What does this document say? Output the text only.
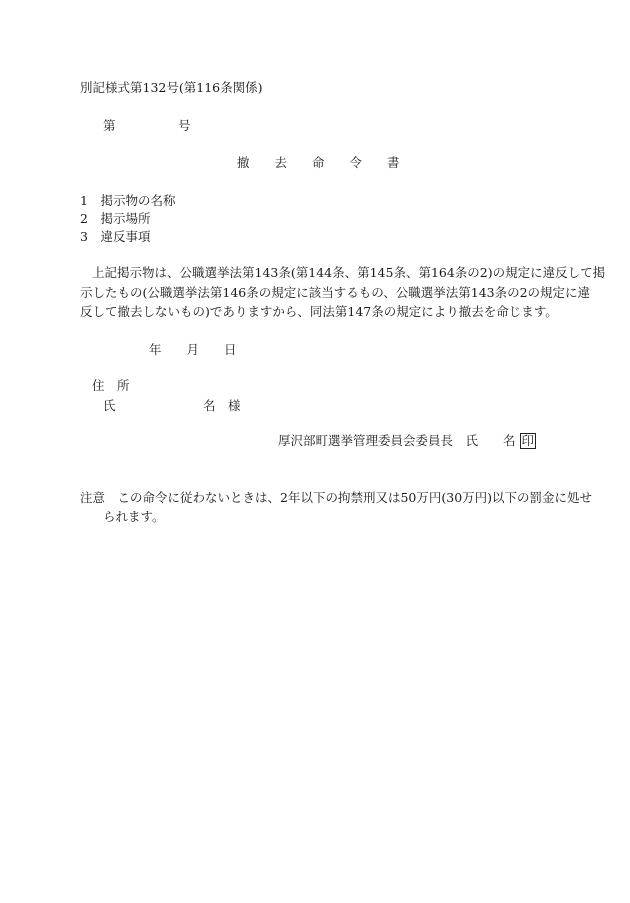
別記様式第132号(第116条関係)
第　　　　　号
撤　　去　　命　　令　　書
1　掲示物の名称
2　掲示場所
3　違反事項
上記掲示物は、公職選挙法第143条(第144条、第145条、第164条の2)の規定に違反して掲
示したもの(公職選挙法第146条の規定に該当するもの、公職選挙法第143条の2の規定に違
反して撤去しないもの)でありますから、同法第147条の規定により撤去を命じます。
年　　月　　日
住　所
氏　　　　　　　名　様
厚沢部町選挙管理委員会委員長　氏　　名 印
注意　この命令に従わないときは、2年以下の拘禁刑又は50万円(30万円)以下の罰金に処せ
られます。
